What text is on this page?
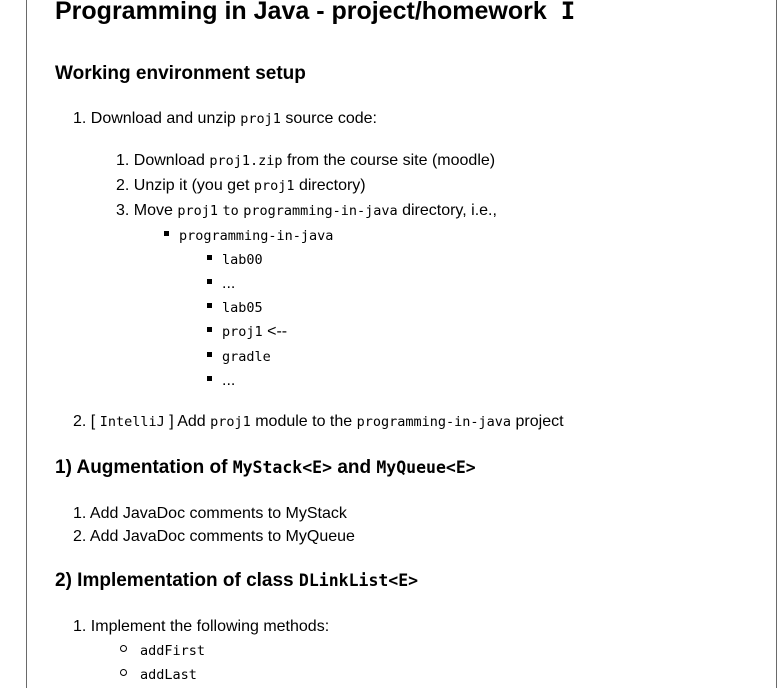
Programming in Java - project/homework I
Working environment setup
1. Download and unzip proj1 source code:
1. Download proj1.zip from the course site (moodle)
2. Unzip it (you get proj1 directory)
3. Move proj1 to programming-in-java directory, i.e.,
programming-in-java
lab00
...
lab05
proj1 <--
gradle
...
2. [ IntelliJ ] Add proj1 module to the programming-in-java project
1) Augmentation of MyStack<E> and MyQueue<E>
1. Add JavaDoc comments to MyStack
2. Add JavaDoc comments to MyQueue
2) Implementation of class DLinkList<E>
1. Implement the following methods:
addFirst
addLast
